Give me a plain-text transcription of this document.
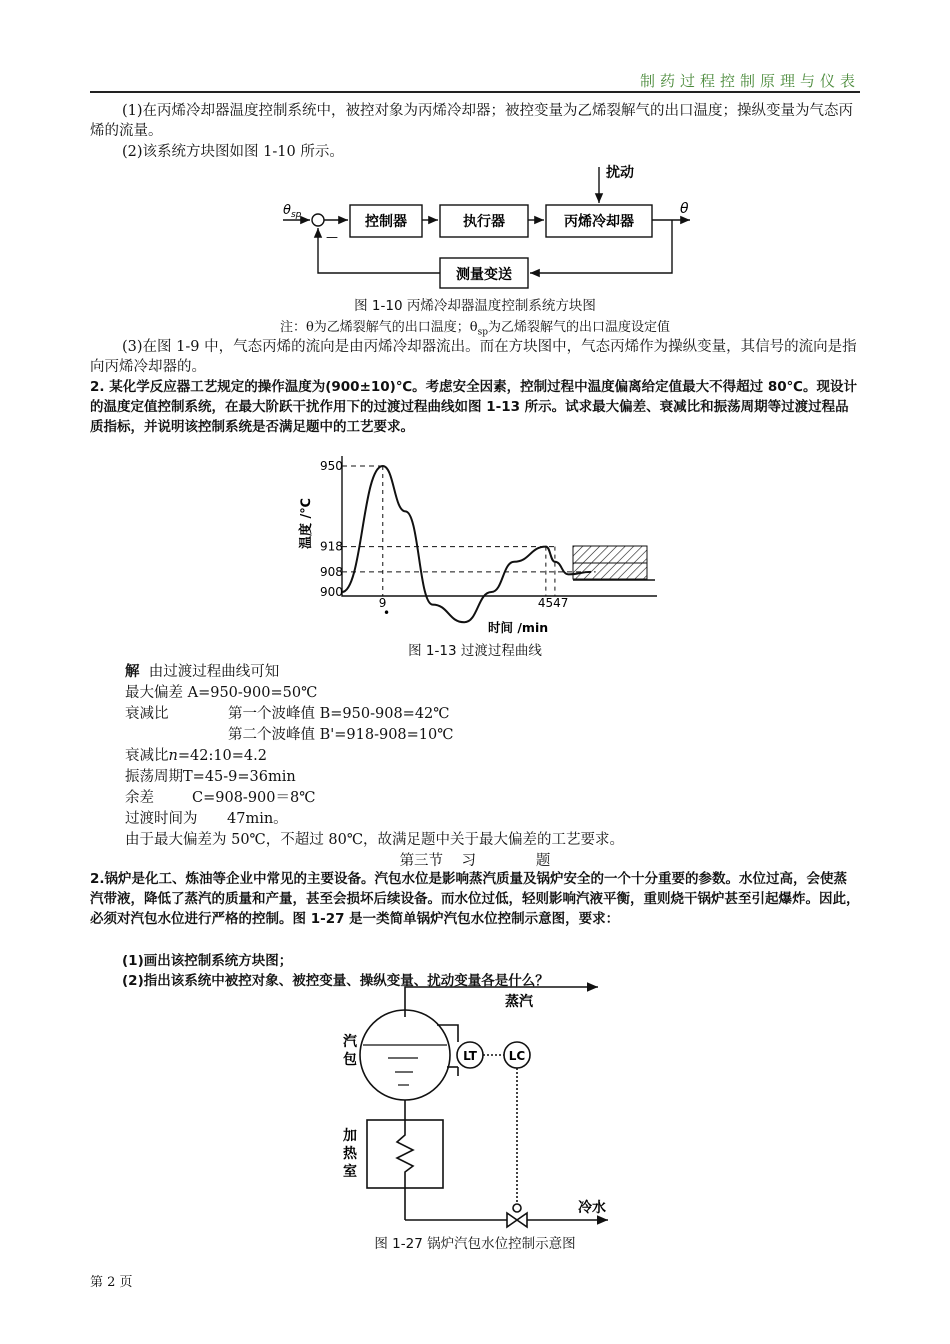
制药过程控制原理与仪表
(1)在丙烯冷却器温度控制系统中，被控对象为丙烯冷却器；被控变量为乙烯裂解气的出口温度；操纵变量为气态丙烯的流量。
(2)该系统方块图如图 1-10 所示。
扰动
$\theta_{sp}$	θ
—
控制器	执行器	丙烯冷却器
测量变送
图 1-10 丙烯冷却器温度控制系统方块图
注：θ为乙烯裂解气的出口温度；$\theta_{sp}$为乙烯裂解气的出口温度设定值
(3)在图 1-9 中，气态丙烯的流向是由丙烯冷却器流出。而在方块图中，气态丙烯作为操纵变量，其信号的流向是指向丙烯冷却器的。
2. 某化学反应器工艺规定的操作温度为(900±10)℃。考虑安全因素，控制过程中温度偏离给定值最大不得超过 80℃。现设计的温度定值控制系统，在最大阶跃干扰作用下的过渡过程曲线如图 1-13 所示。试求最大偏差、衰减比和振荡周期等过渡过程品质指标，并说明该控制系统是否满足题中的工艺要求。
950
918
908
900
9	4547
温度 /℃
时间 /min
•
图 1-13 过渡过程曲线
解 由过渡过程曲线可知
最大偏差 A=950-900=50℃
衰减比	第一个波峰值 B=950-908=42℃
第二个波峰值 B'=918-908=10℃
衰减比n=42:10=4.2
振荡周期T=45-9=36min
余差	C=908-900＝8℃
过渡时间为 47min。
由于最大偏差为 50℃，不超过 80℃，故满足题中关于最大偏差的工艺要求。
第三节 习	题
2.锅炉是化工、炼油等企业中常见的主要设备。汽包水位是影响蒸汽质量及锅炉安全的一个十分重要的参数。水位过高，会使蒸汽带液，降低了蒸汽的质量和产量，甚至会损坏后续设备。而水位过低，轻则影响汽液平衡，重则烧干锅炉甚至引起爆炸。因此，必须对汽包水位进行严格的控制。图 1-27 是一类简单锅炉汽包水位控制示意图，要求：
(1)画出该控制系统方块图；
(2)指出该系统中被控对象、被控变量、操纵变量、扰动变量各是什么？
蒸汽
汽
包	LT	LC
加
热
室
冷水
图 1-27 锅炉汽包水位控制示意图
第 2 页
